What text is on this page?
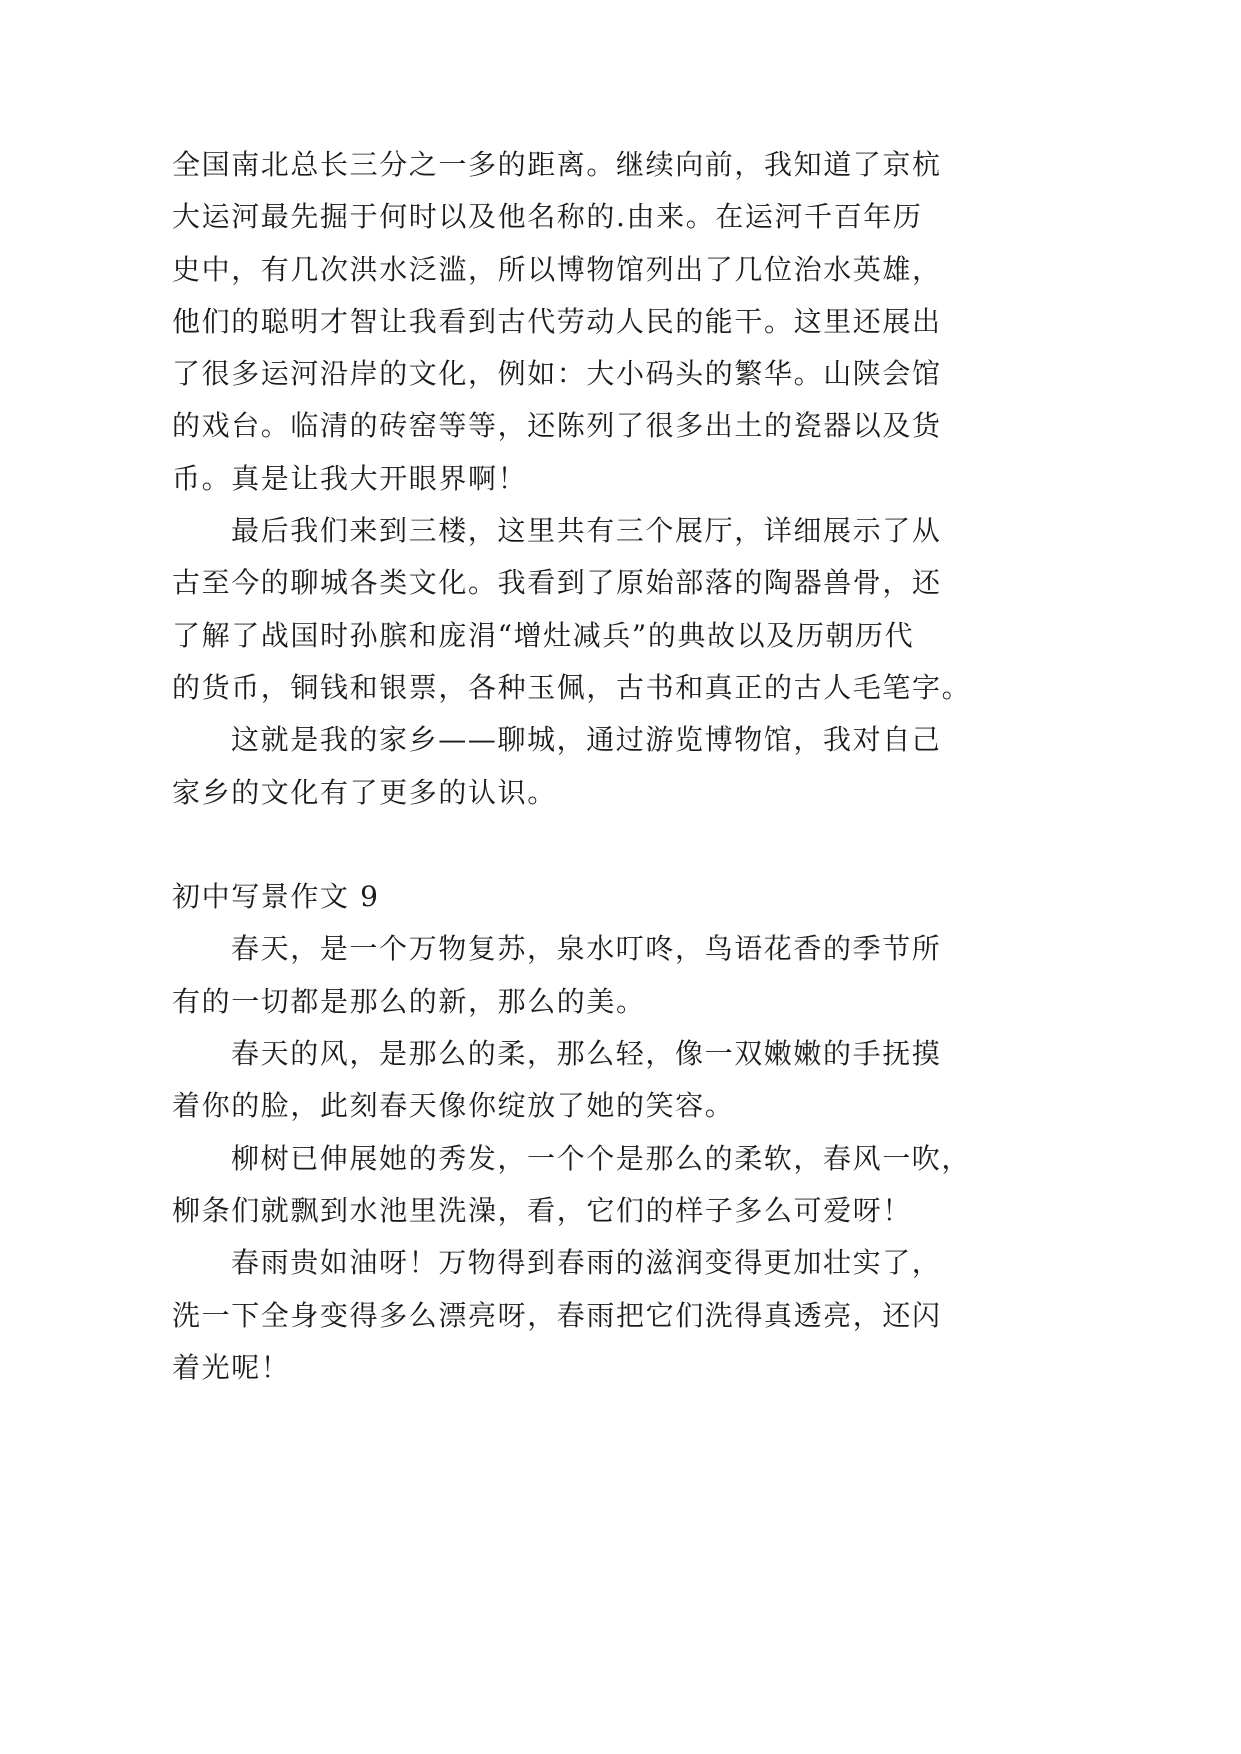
全国南北总长三分之一多的距离。继续向前，我知道了京杭
大运河最先掘于何时以及他名称的.由来。在运河千百年历
史中，有几次洪水泛滥，所以博物馆列出了几位治水英雄，
他们的聪明才智让我看到古代劳动人民的能干。这里还展出
了很多运河沿岸的文化，例如：大小码头的繁华。山陕会馆
的戏台。临清的砖窑等等，还陈列了很多出土的瓷器以及货
币。真是让我大开眼界啊！
最后我们来到三楼，这里共有三个展厅，详细展示了从
古至今的聊城各类文化。我看到了原始部落的陶器兽骨，还
了解了战国时孙膑和庞涓“增灶减兵”的典故以及历朝历代
的货币，铜钱和银票，各种玉佩，古书和真正的古人毛笔字。
这就是我的家乡——聊城，通过游览博物馆，我对自己
家乡的文化有了更多的认识。
初中写景作文 9
春天，是一个万物复苏，泉水叮咚，鸟语花香的季节所
有的一切都是那么的新，那么的美。
春天的风，是那么的柔，那么轻，像一双嫩嫩的手抚摸
着你的脸，此刻春天像你绽放了她的笑容。
柳树已伸展她的秀发，一个个是那么的柔软，春风一吹，
柳条们就飘到水池里洗澡，看，它们的样子多么可爱呀！
春雨贵如油呀！万物得到春雨的滋润变得更加壮实了，
洗一下全身变得多么漂亮呀，春雨把它们洗得真透亮，还闪
着光呢！
